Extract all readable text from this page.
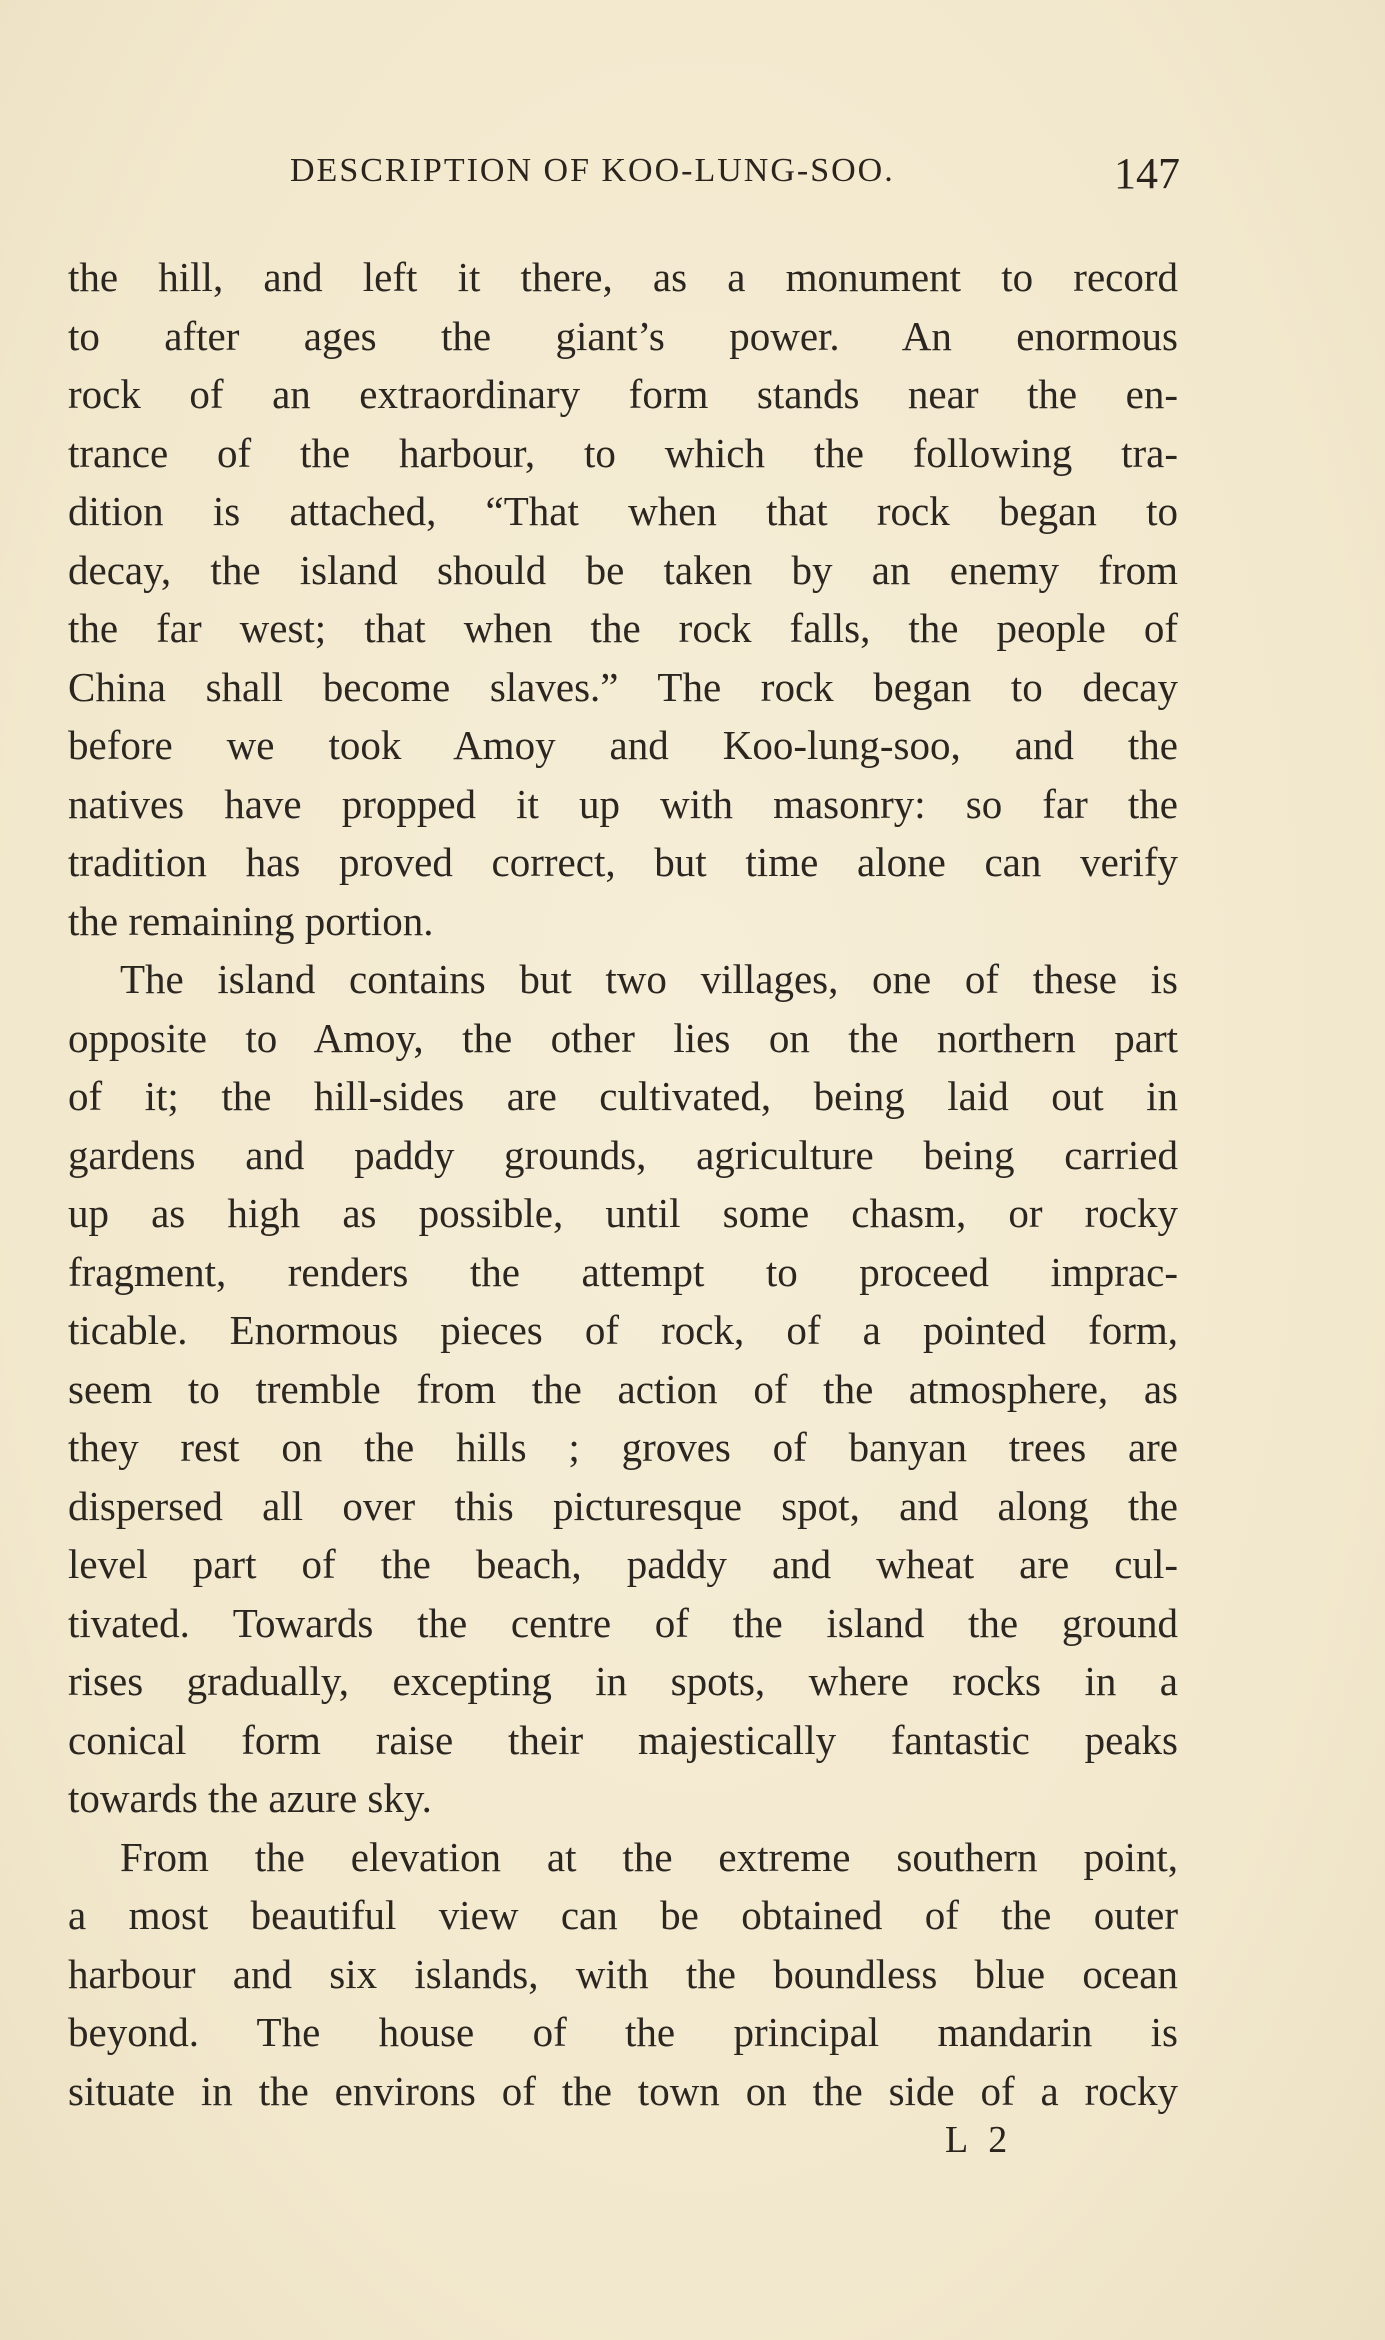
DESCRIPTION OF KOO-LUNG-SOO.	147
the hill, and left it there, as a monument to record
to after ages the giant’s power. An enormous
rock of an extraordinary form stands near the en-
trance of the harbour, to which the following tra-
dition is attached, “That when that rock began to
decay, the island should be taken by an enemy from
the far west; that when the rock falls, the people of
China shall become slaves.” The rock began to decay
before we took Amoy and Koo-lung-soo, and the
natives have propped it up with masonry: so far the
tradition has proved correct, but time alone can verify
the remaining portion.
The island contains but two villages, one of these is
opposite to Amoy, the other lies on the northern part
of it; the hill-sides are cultivated, being laid out in
gardens and paddy grounds, agriculture being carried
up as high as possible, until some chasm, or rocky
fragment, renders the attempt to proceed imprac-
ticable. Enormous pieces of rock, of a pointed form,
seem to tremble from the action of the atmosphere, as
they rest on the hills ; groves of banyan trees are
dispersed all over this picturesque spot, and along the
level part of the beach, paddy and wheat are cul-
tivated. Towards the centre of the island the ground
rises gradually, excepting in spots, where rocks in a
conical form raise their majestically fantastic peaks
towards the azure sky.
From the elevation at the extreme southern point,
a most beautiful view can be obtained of the outer
harbour and six islands, with the boundless blue ocean
beyond. The house of the principal mandarin is
situate in the environs of the town on the side of a rocky
L 2
